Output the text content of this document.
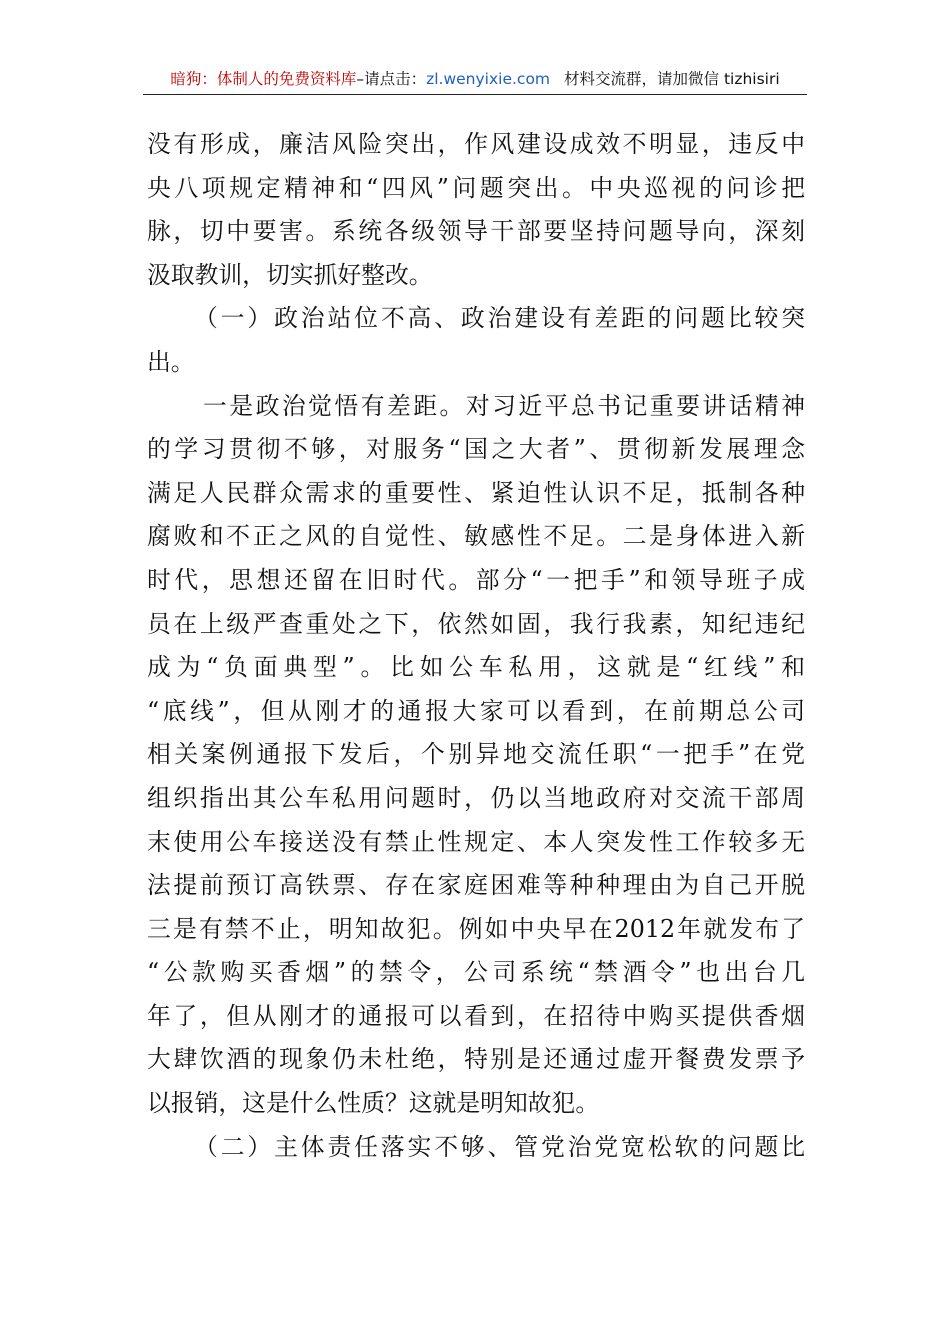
暗狗：体制人的免费资料库–请点击：zl.wenyixie.com 材料交流群，请加微信 tizhisiri
没有形成，廉洁风险突出，作风建设成效不明显，违反中
央八项规定精神和“四风”问题突出。中央巡视的问诊把
脉，切中要害。系统各级领导干部要坚持问题导向，深刻
汲取教训，切实抓好整改。
（一）政治站位不高、政治建设有差距的问题比较突
出。
一是政治觉悟有差距。对习近平总书记重要讲话精神
的学习贯彻不够，对服务“国之大者”、贯彻新发展理念
满足人民群众需求的重要性、紧迫性认识不足，抵制各种
腐败和不正之风的自觉性、敏感性不足。二是身体进入新
时代，思想还留在旧时代。部分“一把手”和领导班子成
员在上级严查重处之下，依然如固，我行我素，知纪违纪
成为“负面典型”。比如公车私用，这就是“红线”和
“底线”，但从刚才的通报大家可以看到，在前期总公司
相关案例通报下发后，个别异地交流任职“一把手”在党
组织指出其公车私用问题时，仍以当地政府对交流干部周
末使用公车接送没有禁止性规定、本人突发性工作较多无
法提前预订高铁票、存在家庭困难等种种理由为自己开脱
三是有禁不止，明知故犯。例如中央早在2012年就发布了
“公款购买香烟”的禁令，公司系统“禁酒令”也出台几
年了，但从刚才的通报可以看到，在招待中购买提供香烟
大肆饮酒的现象仍未杜绝，特别是还通过虚开餐费发票予
以报销，这是什么性质？这就是明知故犯。
（二）主体责任落实不够、管党治党宽松软的问题比
